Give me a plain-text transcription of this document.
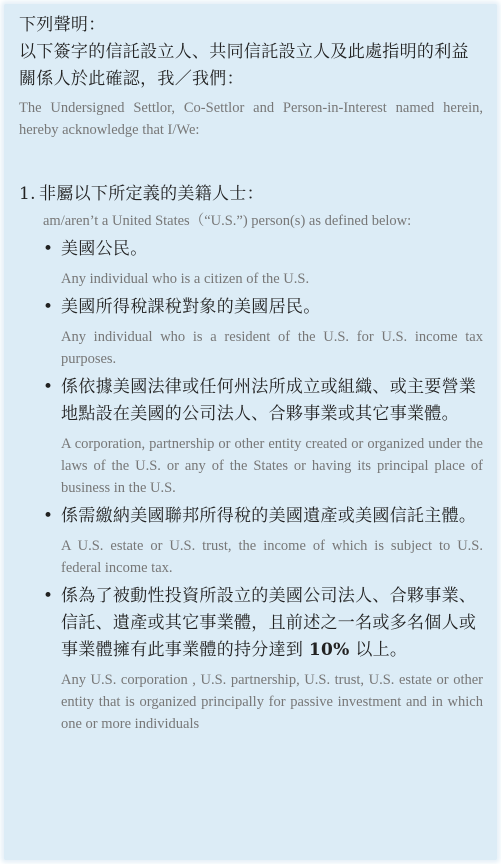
下列聲明：
以下簽字的信託設立人、共同信託設立人及此處指明的利益關係人於此確認，我／我們：
The Undersigned Settlor, Co-Settlor and Person-in-Interest named herein, hereby acknowledge that I/We:
1. 非屬以下所定義的美籍人士：
am/aren’t a United States（“U.S.”) person(s) as defined below:
• 美國公民。
Any individual who is a citizen of the U.S.
• 美國所得稅課稅對象的美國居民。
Any individual who is a resident of the U.S. for U.S. income tax purposes.
• 係依據美國法律或任何州法所成立或組織、或主要營業地點設在美國的公司法人、合夥事業或其它事業體。
A corporation, partnership or other entity created or organized under the laws of the U.S. or any of the States or having its principal place of business in the U.S.
• 係需繳納美國聯邦所得稅的美國遺產或美國信託主體。
A U.S. estate or U.S. trust, the income of which is subject to U.S. federal income tax.
• 係為了被動性投資所設立的美國公司法人、合夥事業、信託、遺產或其它事業體，且前述之一名或多名個人或事業體擁有此事業體的持分達到 10% 以上。
Any U.S. corporation , U.S. partnership, U.S. trust, U.S. estate or other entity that is organized principally for passive investment and in which one or more individuals
